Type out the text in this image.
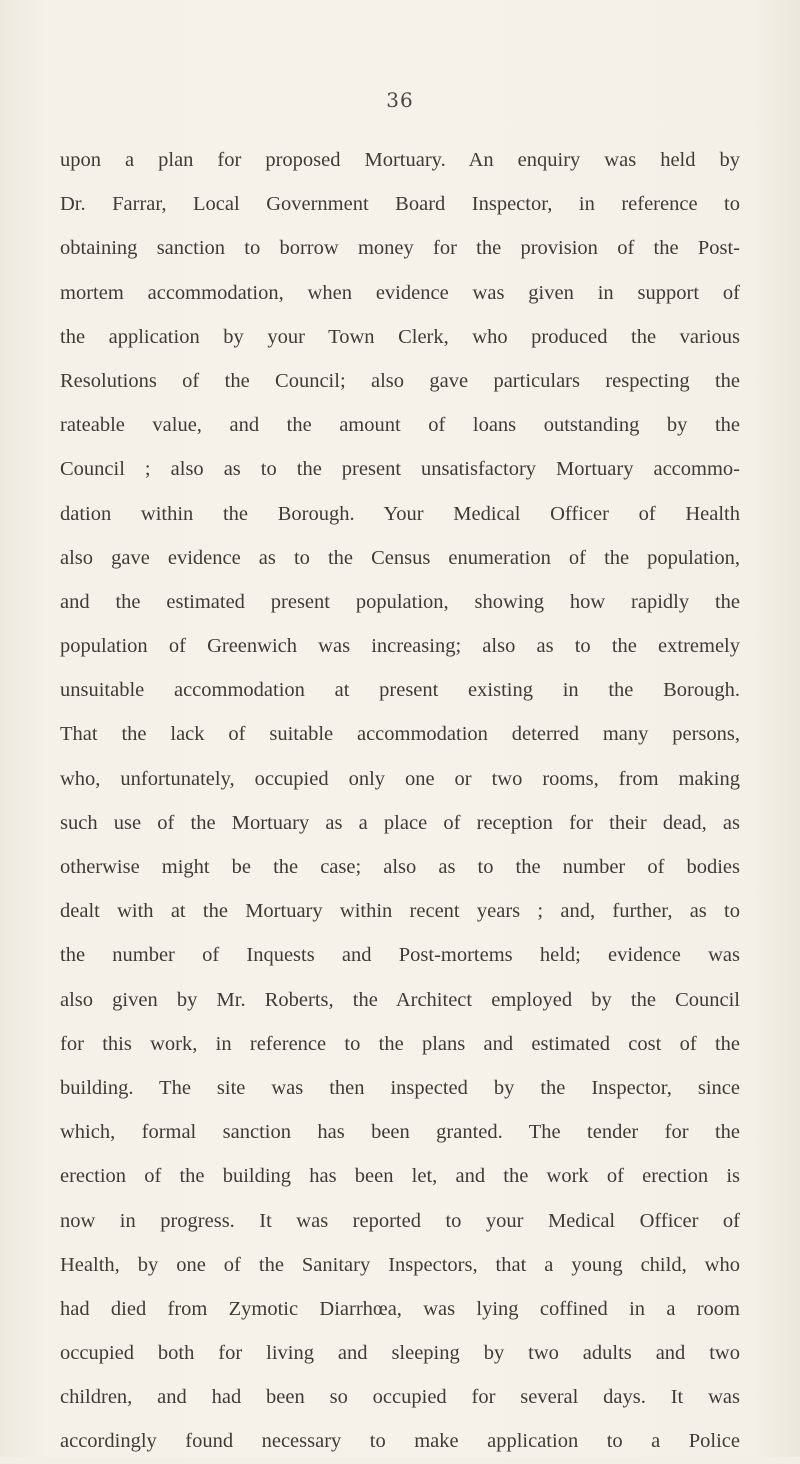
36
upon a plan for proposed Mortuary. An enquiry was held by
Dr. Farrar, Local Government Board Inspector, in reference to
obtaining sanction to borrow money for the provision of the Post-
mortem accommodation, when evidence was given in support of
the application by your Town Clerk, who produced the various
Resolutions of the Council; also gave particulars respecting the
rateable value, and the amount of loans outstanding by the
Council ; also as to the present unsatisfactory Mortuary accommo-
dation within the Borough. Your Medical Officer of Health
also gave evidence as to the Census enumeration of the population,
and the estimated present population, showing how rapidly the
population of Greenwich was increasing; also as to the extremely
unsuitable accommodation at present existing in the Borough.
That the lack of suitable accommodation deterred many persons,
who, unfortunately, occupied only one or two rooms, from making
such use of the Mortuary as a place of reception for their dead, as
otherwise might be the case; also as to the number of bodies
dealt with at the Mortuary within recent years ; and, further, as to
the number of Inquests and Post-mortems held; evidence was
also given by Mr. Roberts, the Architect employed by the Council
for this work, in reference to the plans and estimated cost of the
building. The site was then inspected by the Inspector, since
which, formal sanction has been granted. The tender for the
erection of the building has been let, and the work of erection is
now in progress. It was reported to your Medical Officer of
Health, by one of the Sanitary Inspectors, that a young child, who
had died from Zymotic Diarrhœa, was lying coffined in a room
occupied both for living and sleeping by two adults and two
children, and had been so occupied for several days. It was
accordingly found necessary to make application to a Police
